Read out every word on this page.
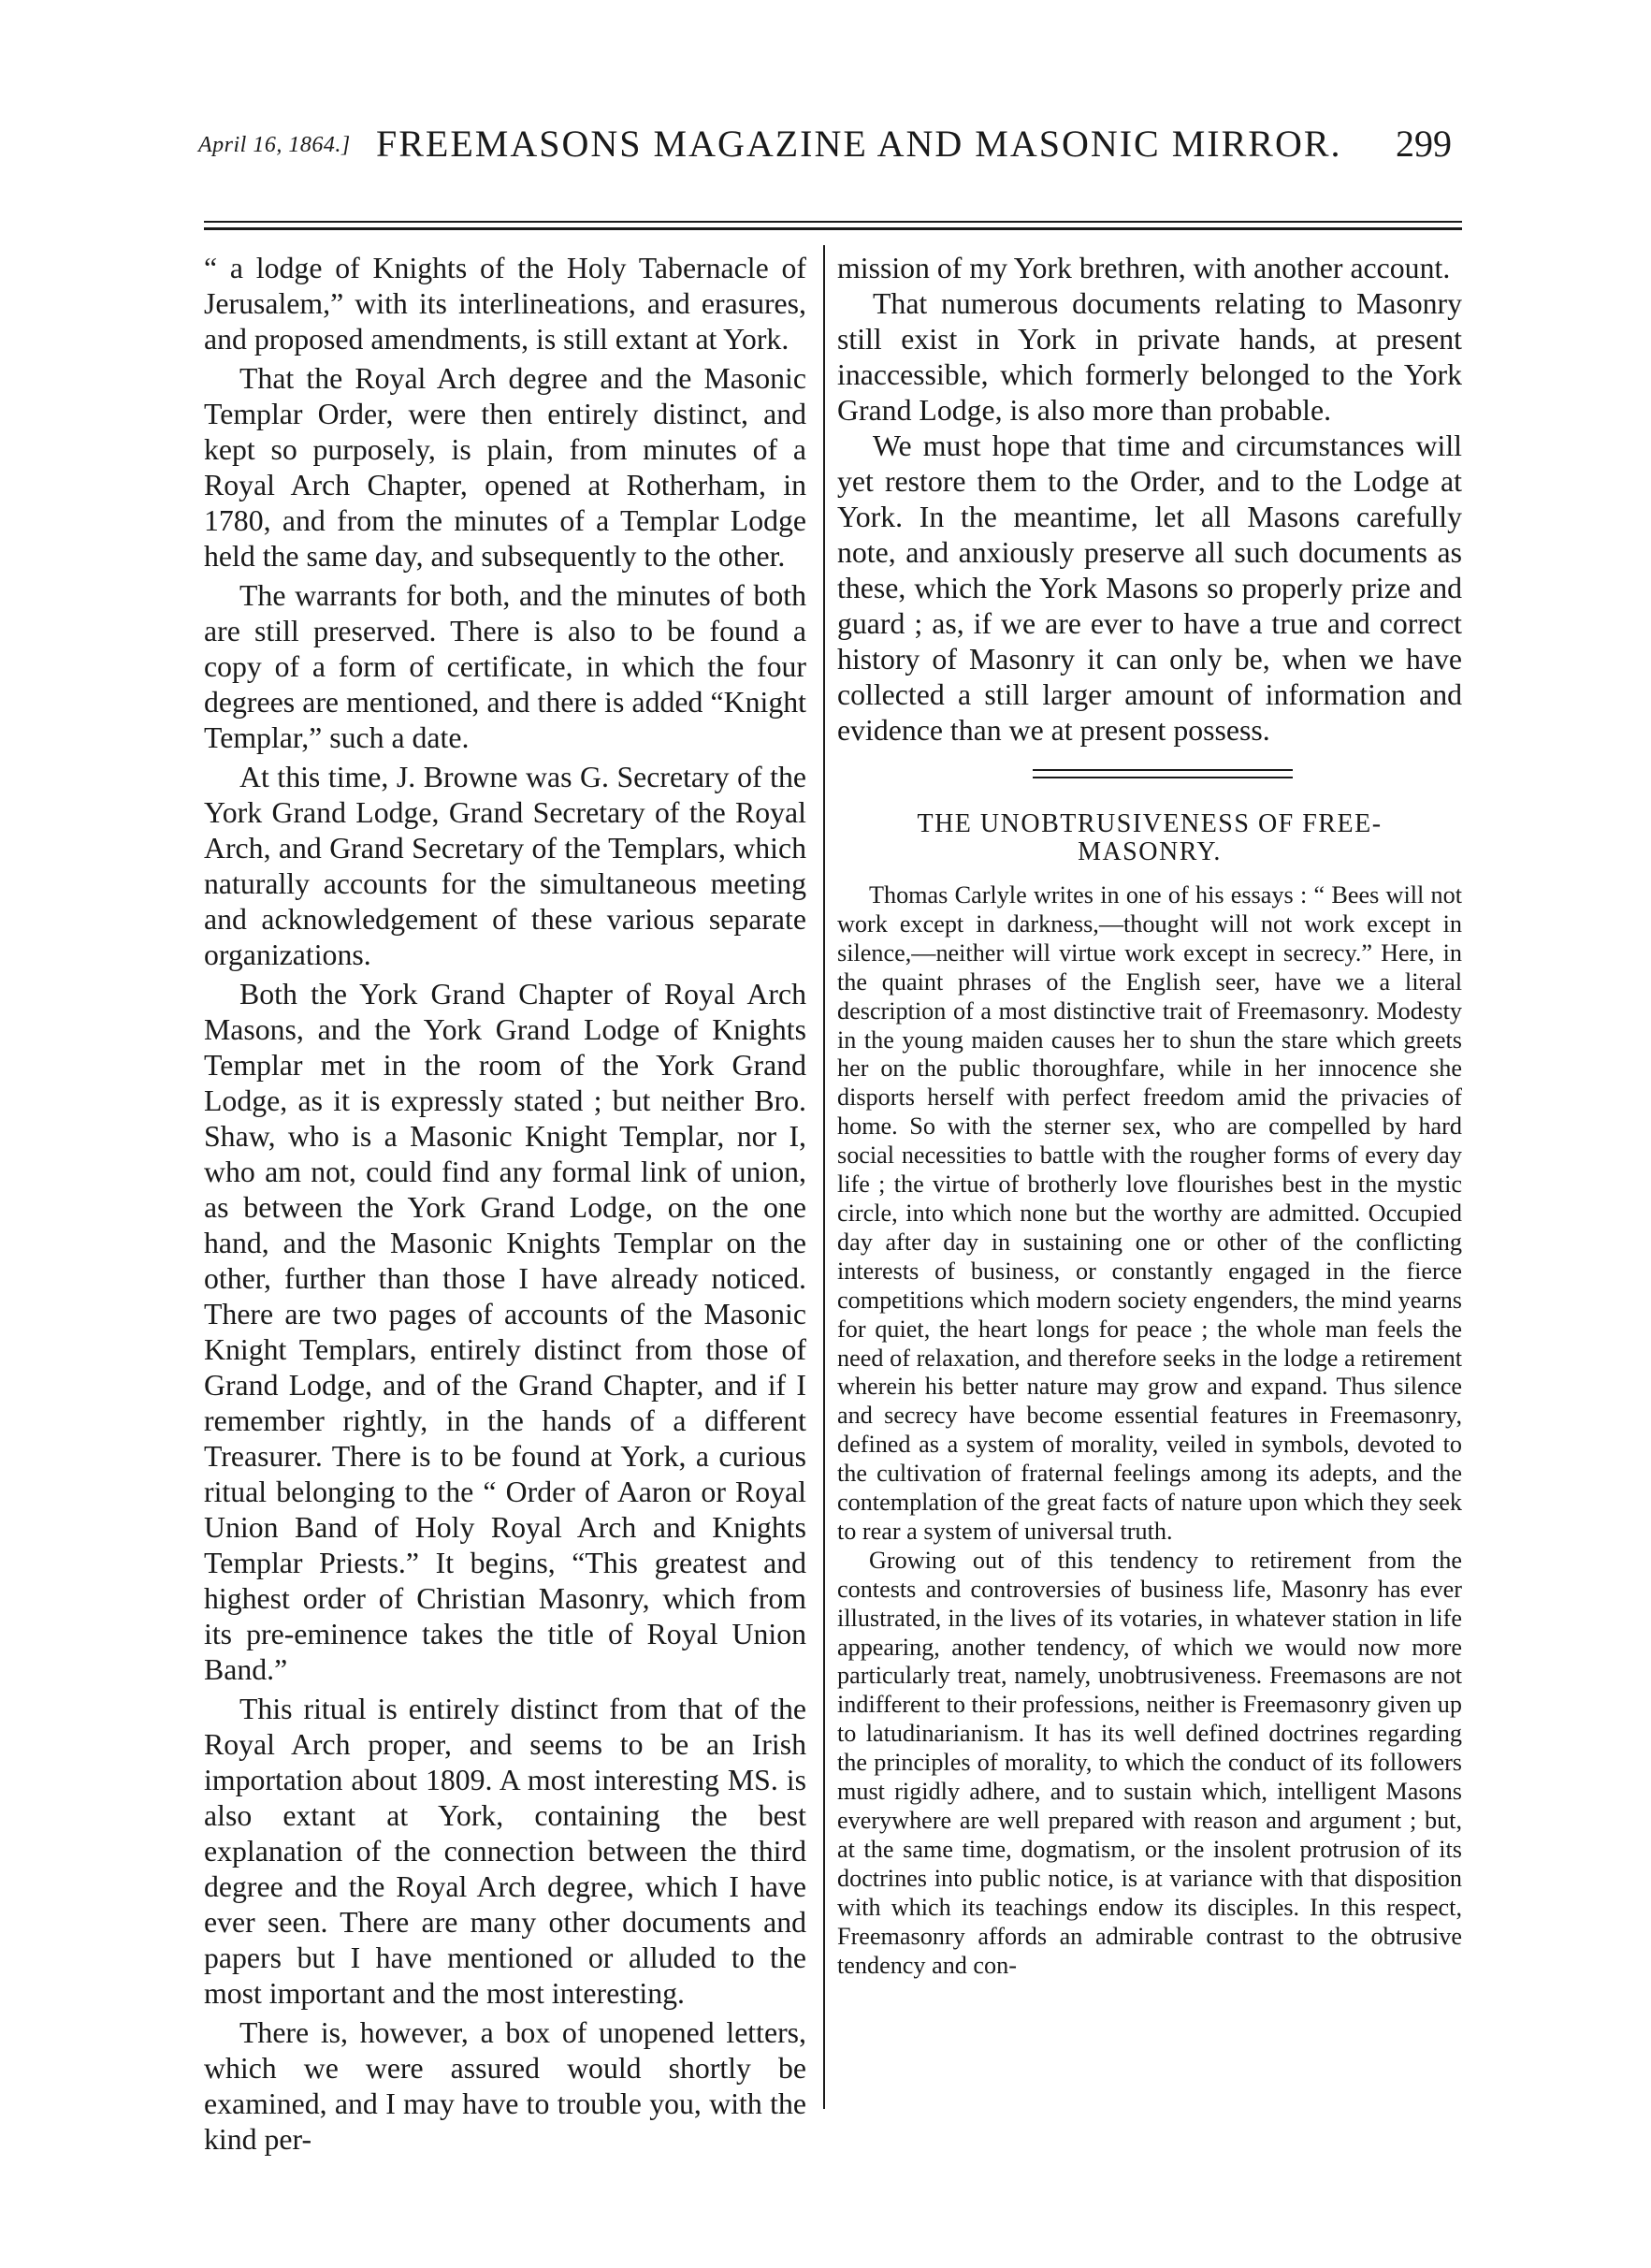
April 16, 1864.] FREEMASONS MAGAZINE AND MASONIC MIRROR. 299

“ a lodge of Knights of the Holy Tabernacle of Jerusalem,” with its interlineations, and erasures, and proposed amendments, is still extant at York.

That the Royal Arch degree and the Masonic Templar Order, were then entirely distinct, and kept so purposely, is plain, from minutes of a Royal Arch Chapter, opened at Rotherham, in 1780, and from the minutes of a Templar Lodge held the same day, and subsequently to the other.

The warrants for both, and the minutes of both are still preserved. There is also to be found a copy of a form of certificate, in which the four degrees are mentioned, and there is added “Knight Templar,” such a date.

At this time, J. Browne was G. Secretary of the York Grand Lodge, Grand Secretary of the Royal Arch, and Grand Secretary of the Templars, which naturally accounts for the simultaneous meeting and acknowledgement of these various separate organizations.

Both the York Grand Chapter of Royal Arch Masons, and the York Grand Lodge of Knights Templar met in the room of the York Grand Lodge, as it is expressly stated ; but neither Bro. Shaw, who is a Masonic Knight Templar, nor I, who am not, could find any formal link of union, as between the York Grand Lodge, on the one hand, and the Masonic Knights Templar on the other, further than those I have already noticed. There are two pages of accounts of the Masonic Knight Templars, entirely distinct from those of Grand Lodge, and of the Grand Chapter, and if I remember rightly, in the hands of a different Treasurer. There is to be found at York, a curious ritual belonging to the “ Order of Aaron or Royal Union Band of Holy Royal Arch and Knights Templar Priests.” It begins, “This greatest and highest order of Christian Masonry, which from its pre-eminence takes the title of Royal Union Band.”

This ritual is entirely distinct from that of the Royal Arch proper, and seems to be an Irish importation about 1809. A most interesting MS. is also extant at York, containing the best explanation of the connection between the third degree and the Royal Arch degree, which I have ever seen. There are many other documents and papers but I have mentioned or alluded to the most important and the most interesting.

There is, however, a box of unopened letters, which we were assured would shortly be examined, and I may have to trouble you, with the kind per-

mission of my York brethren, with another account.

That numerous documents relating to Masonry still exist in York in private hands, at present inaccessible, which formerly belonged to the York Grand Lodge, is also more than probable.

We must hope that time and circumstances will yet restore them to the Order, and to the Lodge at York. In the meantime, let all Masons carefully note, and anxiously preserve all such documents as these, which the York Masons so properly prize and guard ; as, if we are ever to have a true and correct history of Masonry it can only be, when we have collected a still larger amount of information and evidence than we at present possess.

THE UNOBTRUSIVENESS OF FREE-
MASONRY.

Thomas Carlyle writes in one of his essays : “ Bees will not work except in darkness,—thought will not work except in silence,—neither will virtue work except in secrecy.” Here, in the quaint phrases of the English seer, have we a literal description of a most distinctive trait of Freemasonry. Modesty in the young maiden causes her to shun the stare which greets her on the public thoroughfare, while in her innocence she disports herself with perfect freedom amid the privacies of home. So with the sterner sex, who are compelled by hard social necessities to battle with the rougher forms of every day life ; the virtue of brotherly love flourishes best in the mystic circle, into which none but the worthy are admitted. Occupied day after day in sustaining one or other of the conflicting interests of business, or constantly engaged in the fierce competitions which modern society engenders, the mind yearns for quiet, the heart longs for peace ; the whole man feels the need of relaxation, and therefore seeks in the lodge a retirement wherein his better nature may grow and expand. Thus silence and secrecy have become essential features in Freemasonry, defined as a system of morality, veiled in symbols, devoted to the cultivation of fraternal feelings among its adepts, and the contemplation of the great facts of nature upon which they seek to rear a system of universal truth.

Growing out of this tendency to retirement from the contests and controversies of business life, Masonry has ever illustrated, in the lives of its votaries, in whatever station in life appearing, another tendency, of which we would now more particularly treat, namely, unobtrusiveness. Freemasons are not indifferent to their professions, neither is Freemasonry given up to latudinarianism. It has its well defined doctrines regarding the principles of morality, to which the conduct of its followers must rigidly adhere, and to sustain which, intelligent Masons everywhere are well prepared with reason and argument ; but, at the same time, dogmatism, or the insolent protrusion of its doctrines into public notice, is at variance with that disposition with which its teachings endow its disciples. In this respect, Freemasonry affords an admirable contrast to the obtrusive tendency and con-
